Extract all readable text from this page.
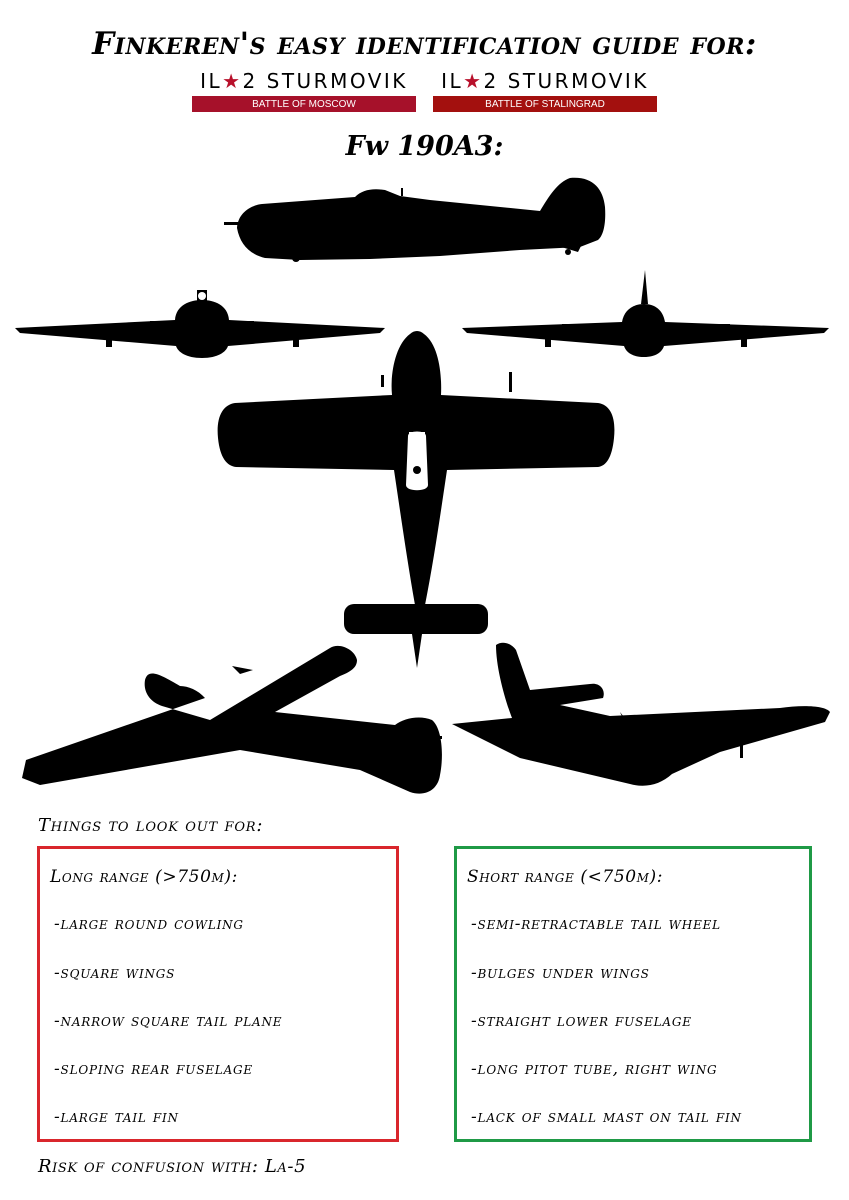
Finkeren's easy identification guide for:
IL★2 STURMOVIK
BATTLE OF MOSCOW
IL★2 STURMOVIK
BATTLE OF STALINGRAD
Fw 190A3:
Things to look out for:
Long range (>750m):
-large round cowling
-square wings
-narrow square tail plane
-sloping rear fuselage
-large tail fin
Short range (<750m):
-semi-retractable tail wheel
-bulges under wings
-straight lower fuselage
-long pitot tube, right wing
-lack of small mast on tail fin
Risk of confusion with: La-5
